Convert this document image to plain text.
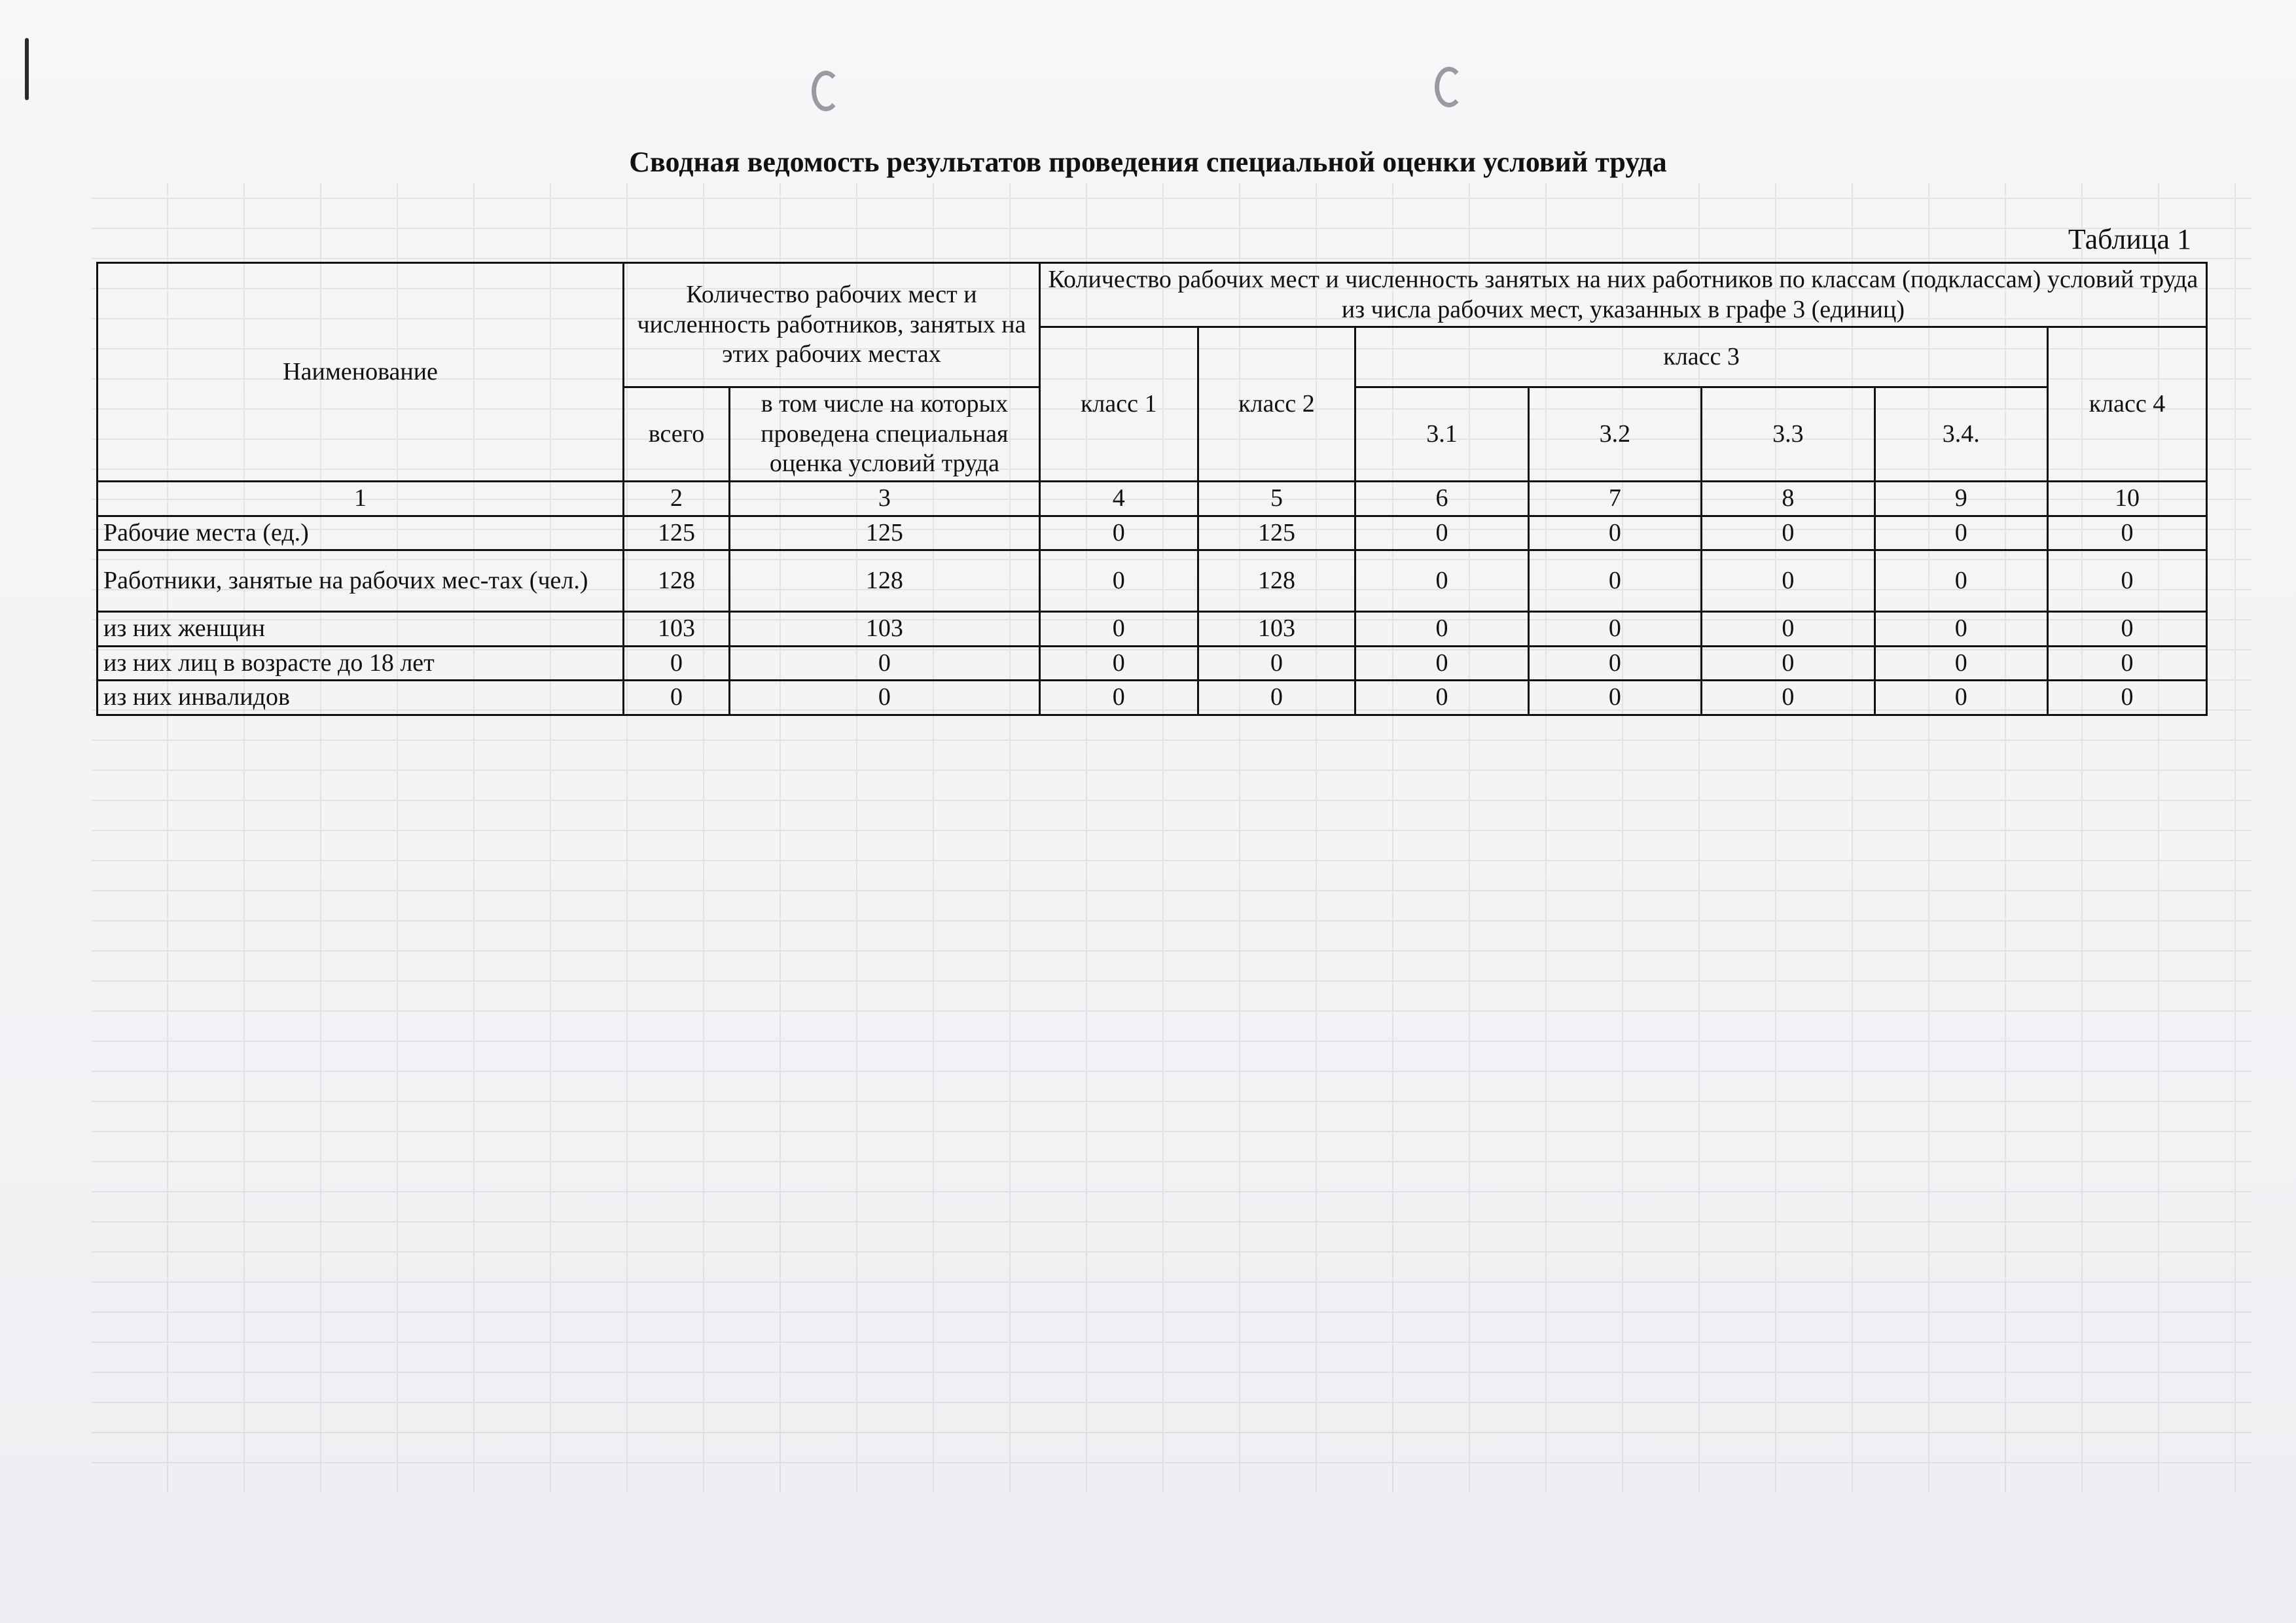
Сводная ведомость результатов проведения специальной оценки условий труда
Таблица 1
Наименование	Количество рабочих мест и численность работников, занятых на этих рабочих местах		Количество рабочих мест и численность занятых на них работников по классам (подклассам) условий труда из числа рабочих мест, указанных в графе 3 (единиц)						
			класс 1	класс 2	класс 3				класс 4
	всего	в том числе на которых проведена специальная оценка условий труда			3.1	3.2	3.3	3.4.	
1	2	3	4	5	6	7	8	9	10
Рабочие места (ед.)	125	125	0	125	0	0	0	0	0
Работники, занятые на рабочих мес-тах (чел.)	128	128	0	128	0	0	0	0	0
из них женщин	103	103	0	103	0	0	0	0	0
из них лиц в возрасте до 18 лет	0	0	0	0	0	0	0	0	0
из них инвалидов	0	0	0	0	0	0	0	0	0
